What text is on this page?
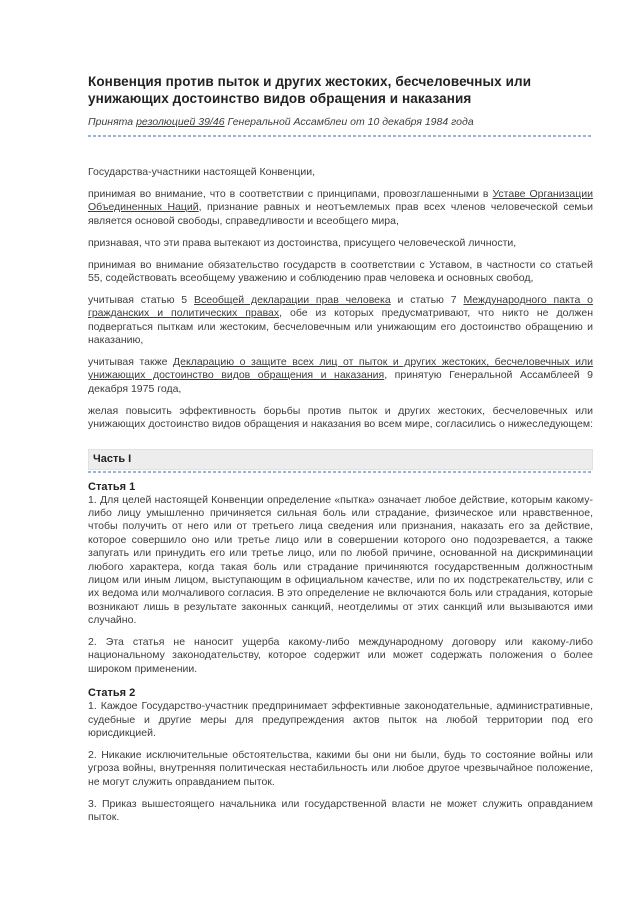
Конвенция против пыток и других жестоких, бесчеловечных или унижающих достоинство видов обращения и наказания

Принята резолюцией 39/46 Генеральной Ассамблеи от 10 декабря 1984 года

Государства-участники настоящей Конвенции,

принимая во внимание, что в соответствии с принципами, провозглашенными в Уставе Организации Объединенных Наций, признание равных и неотъемлемых прав всех членов человеческой семьи является основой свободы, справедливости и всеобщего мира,

признавая, что эти права вытекают из достоинства, присущего человеческой личности,

принимая во внимание обязательство государств в соответствии с Уставом, в частности со статьей 55, содействовать всеобщему уважению и соблюдению прав человека и основных свобод,

учитывая статью 5 Всеобщей декларации прав человека и статью 7 Международного пакта о гражданских и политических правах, обе из которых предусматривают, что никто не должен подвергаться пыткам или жестоким, бесчеловечным или унижающим его достоинство обращению и наказанию,

учитывая также Декларацию о защите всех лиц от пыток и других жестоких, бесчеловечных или унижающих достоинство видов обращения и наказания, принятую Генеральной Ассамблеей 9 декабря 1975 года,

желая повысить эффективность борьбы против пыток и других жестоких, бесчеловечных или унижающих достоинство видов обращения и наказания во всем мире, согласились о нижеследующем:

Часть I
Статья 1

1. Для целей настоящей Конвенции определение «пытка» означает любое действие, которым какому-либо лицу умышленно причиняется сильная боль или страдание, физическое или нравственное, чтобы получить от него или от третьего лица сведения или признания, наказать его за действие, которое совершило оно или третье лицо или в совершении которого оно подозревается, а также запугать или принудить его или третье лицо, или по любой причине, основанной на дискриминации любого характера, когда такая боль или страдание причиняются государственным должностным лицом или иным лицом, выступающим в официальном качестве, или по их подстрекательству, или с их ведома или молчаливого согласия. В это определение не включаются боль или страдания, которые возникают лишь в результате законных санкций, неотделимы от этих санкций или вызываются ими случайно.

2. Эта статья не наносит ущерба какому-либо международному договору или какому-либо национальному законодательству, которое содержит или может содержать положения о более широком применении.

Статья 2

1. Каждое Государство-участник предпринимает эффективные законодательные, административные, судебные и другие меры для предупреждения актов пыток на любой территории под его юрисдикцией.

2. Никакие исключительные обстоятельства, какими бы они ни были, будь то состояние войны или угроза войны, внутренняя политическая нестабильность или любое другое чрезвычайное положение, не могут служить оправданием пыток.

3. Приказ вышестоящего начальника или государственной власти не может служить оправданием пыток.
